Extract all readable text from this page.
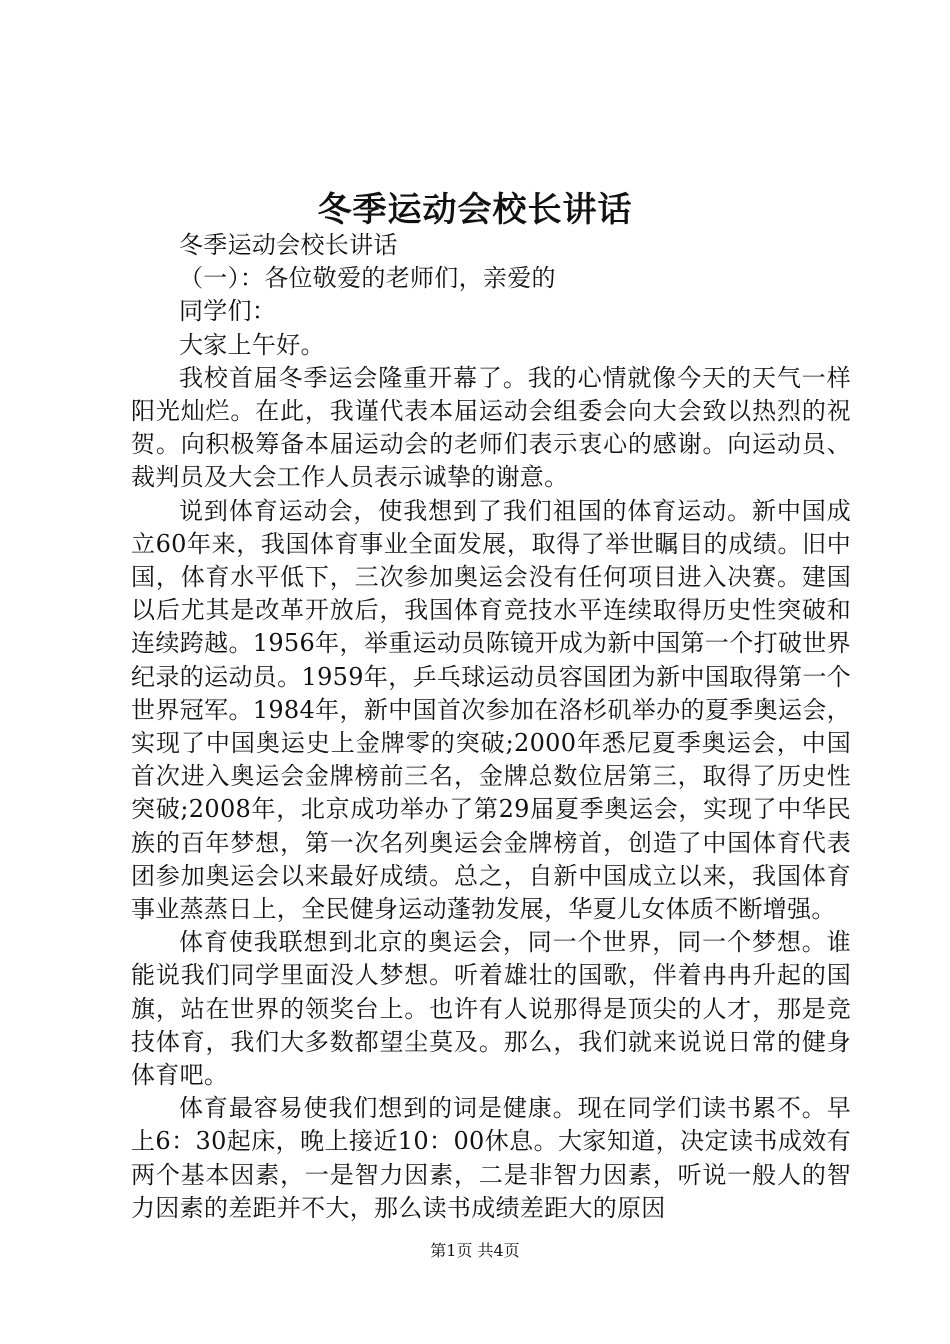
冬季运动会校长讲话

冬季运动会校长讲话

（一）：各位敬爱的老师们，亲爱的

同学们：

大家上午好。

我校首届冬季运会隆重开幕了。我的心情就像今天的天气一样阳光灿烂。在此，我谨代表本届运动会组委会向大会致以热烈的祝贺。向积极筹备本届运动会的老师们表示衷心的感谢。向运动员、裁判员及大会工作人员表示诚挚的谢意。

说到体育运动会，使我想到了我们祖国的体育运动。新中国成立60年来，我国体育事业全面发展，取得了举世瞩目的成绩。旧中国，体育水平低下，三次参加奥运会没有任何项目进入决赛。建国以后尤其是改革开放后，我国体育竞技水平连续取得历史性突破和连续跨越。1956年，举重运动员陈镜开成为新中国第一个打破世界纪录的运动员。1959年，乒乓球运动员容国团为新中国取得第一个世界冠军。1984年，新中国首次参加在洛杉矶举办的夏季奥运会，实现了中国奥运史上金牌零的突破;2000年悉尼夏季奥运会，中国首次进入奥运会金牌榜前三名，金牌总数位居第三，取得了历史性突破;2008年，北京成功举办了第29届夏季奥运会，实现了中华民族的百年梦想，第一次名列奥运会金牌榜首，创造了中国体育代表团参加奥运会以来最好成绩。总之，自新中国成立以来，我国体育事业蒸蒸日上，全民健身运动蓬勃发展，华夏儿女体质不断增强。

体育使我联想到北京的奥运会，同一个世界，同一个梦想。谁能说我们同学里面没人梦想。听着雄壮的国歌，伴着冉冉升起的国旗，站在世界的领奖台上。也许有人说那得是顶尖的人才，那是竞技体育，我们大多数都望尘莫及。那么，我们就来说说日常的健身体育吧。

体育最容易使我们想到的词是健康。现在同学们读书累不。早上6：30起床，晚上接近10：00休息。大家知道，决定读书成效有两个基本因素，一是智力因素，二是非智力因素，听说一般人的智力因素的差距并不大，那么读书成绩差距大的原因

第1页 共4页
